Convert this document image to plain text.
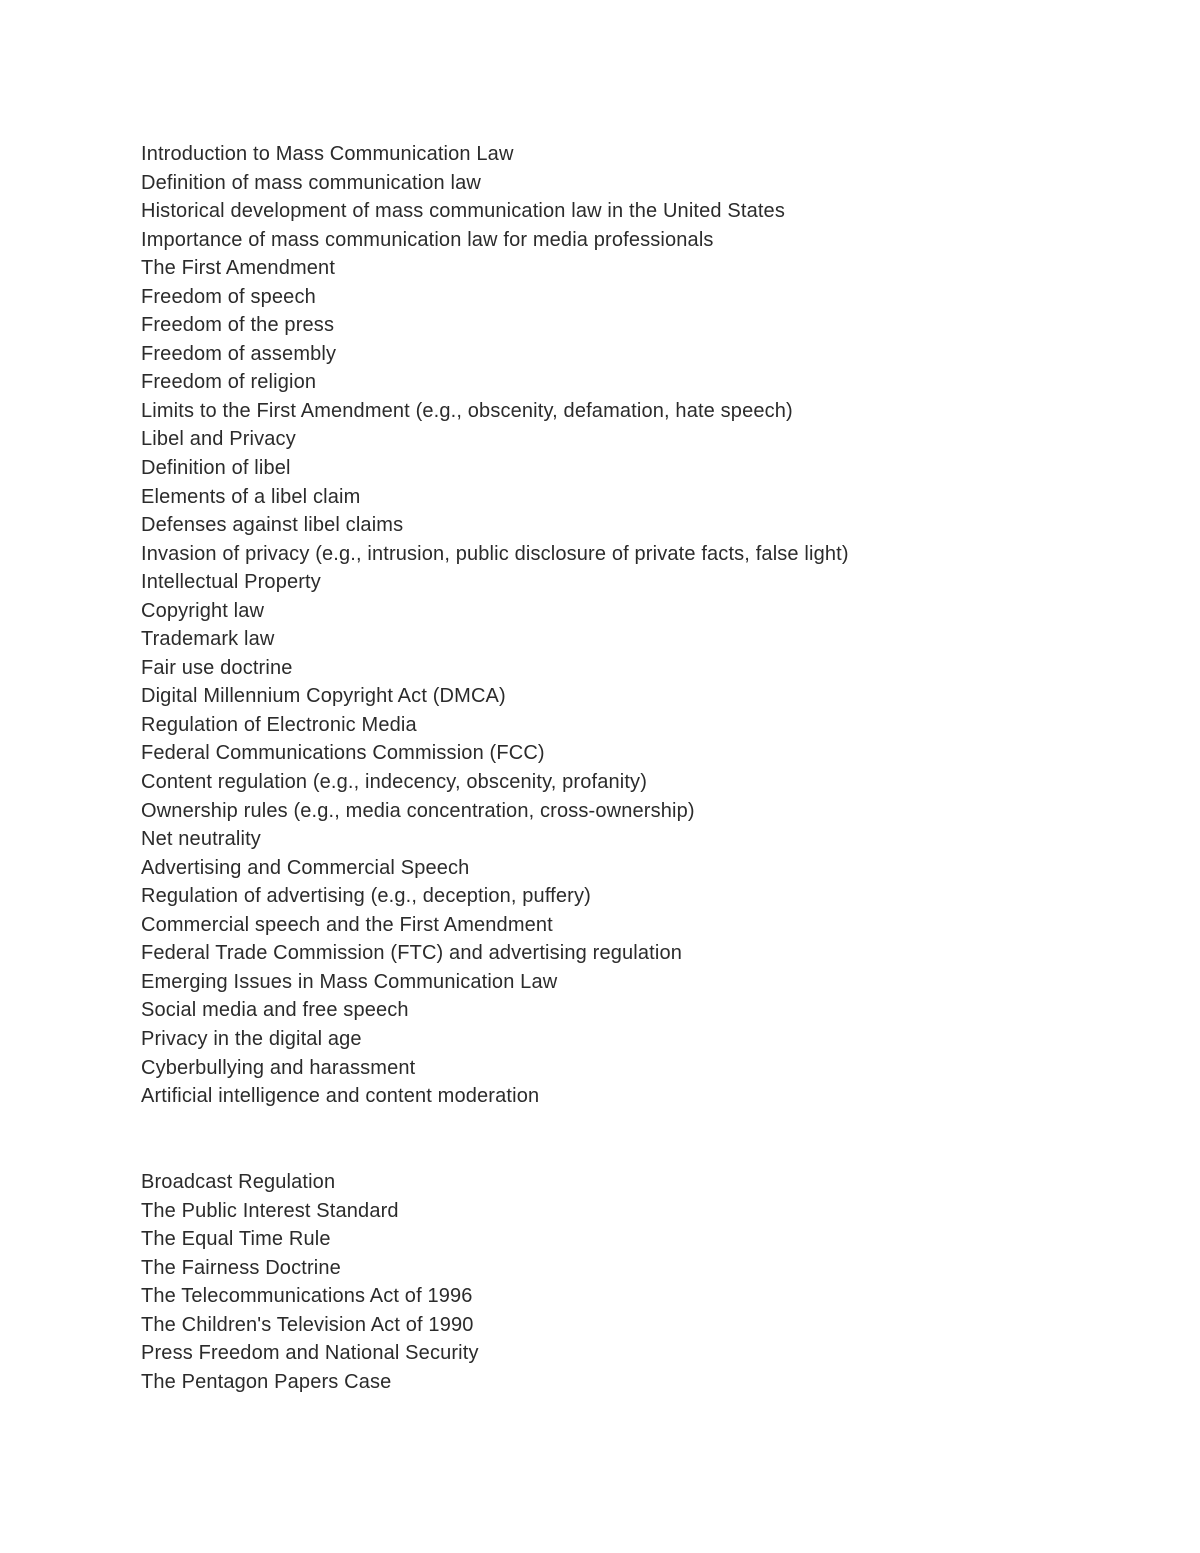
Introduction to Mass Communication Law
Definition of mass communication law
Historical development of mass communication law in the United States
Importance of mass communication law for media professionals
The First Amendment
Freedom of speech
Freedom of the press
Freedom of assembly
Freedom of religion
Limits to the First Amendment (e.g., obscenity, defamation, hate speech)
Libel and Privacy
Definition of libel
Elements of a libel claim
Defenses against libel claims
Invasion of privacy (e.g., intrusion, public disclosure of private facts, false light)
Intellectual Property
Copyright law
Trademark law
Fair use doctrine
Digital Millennium Copyright Act (DMCA)
Regulation of Electronic Media
Federal Communications Commission (FCC)
Content regulation (e.g., indecency, obscenity, profanity)
Ownership rules (e.g., media concentration, cross-ownership)
Net neutrality
Advertising and Commercial Speech
Regulation of advertising (e.g., deception, puffery)
Commercial speech and the First Amendment
Federal Trade Commission (FTC) and advertising regulation
Emerging Issues in Mass Communication Law
Social media and free speech
Privacy in the digital age
Cyberbullying and harassment
Artificial intelligence and content moderation
Broadcast Regulation
The Public Interest Standard
The Equal Time Rule
The Fairness Doctrine
The Telecommunications Act of 1996
The Children's Television Act of 1990
Press Freedom and National Security
The Pentagon Papers Case
